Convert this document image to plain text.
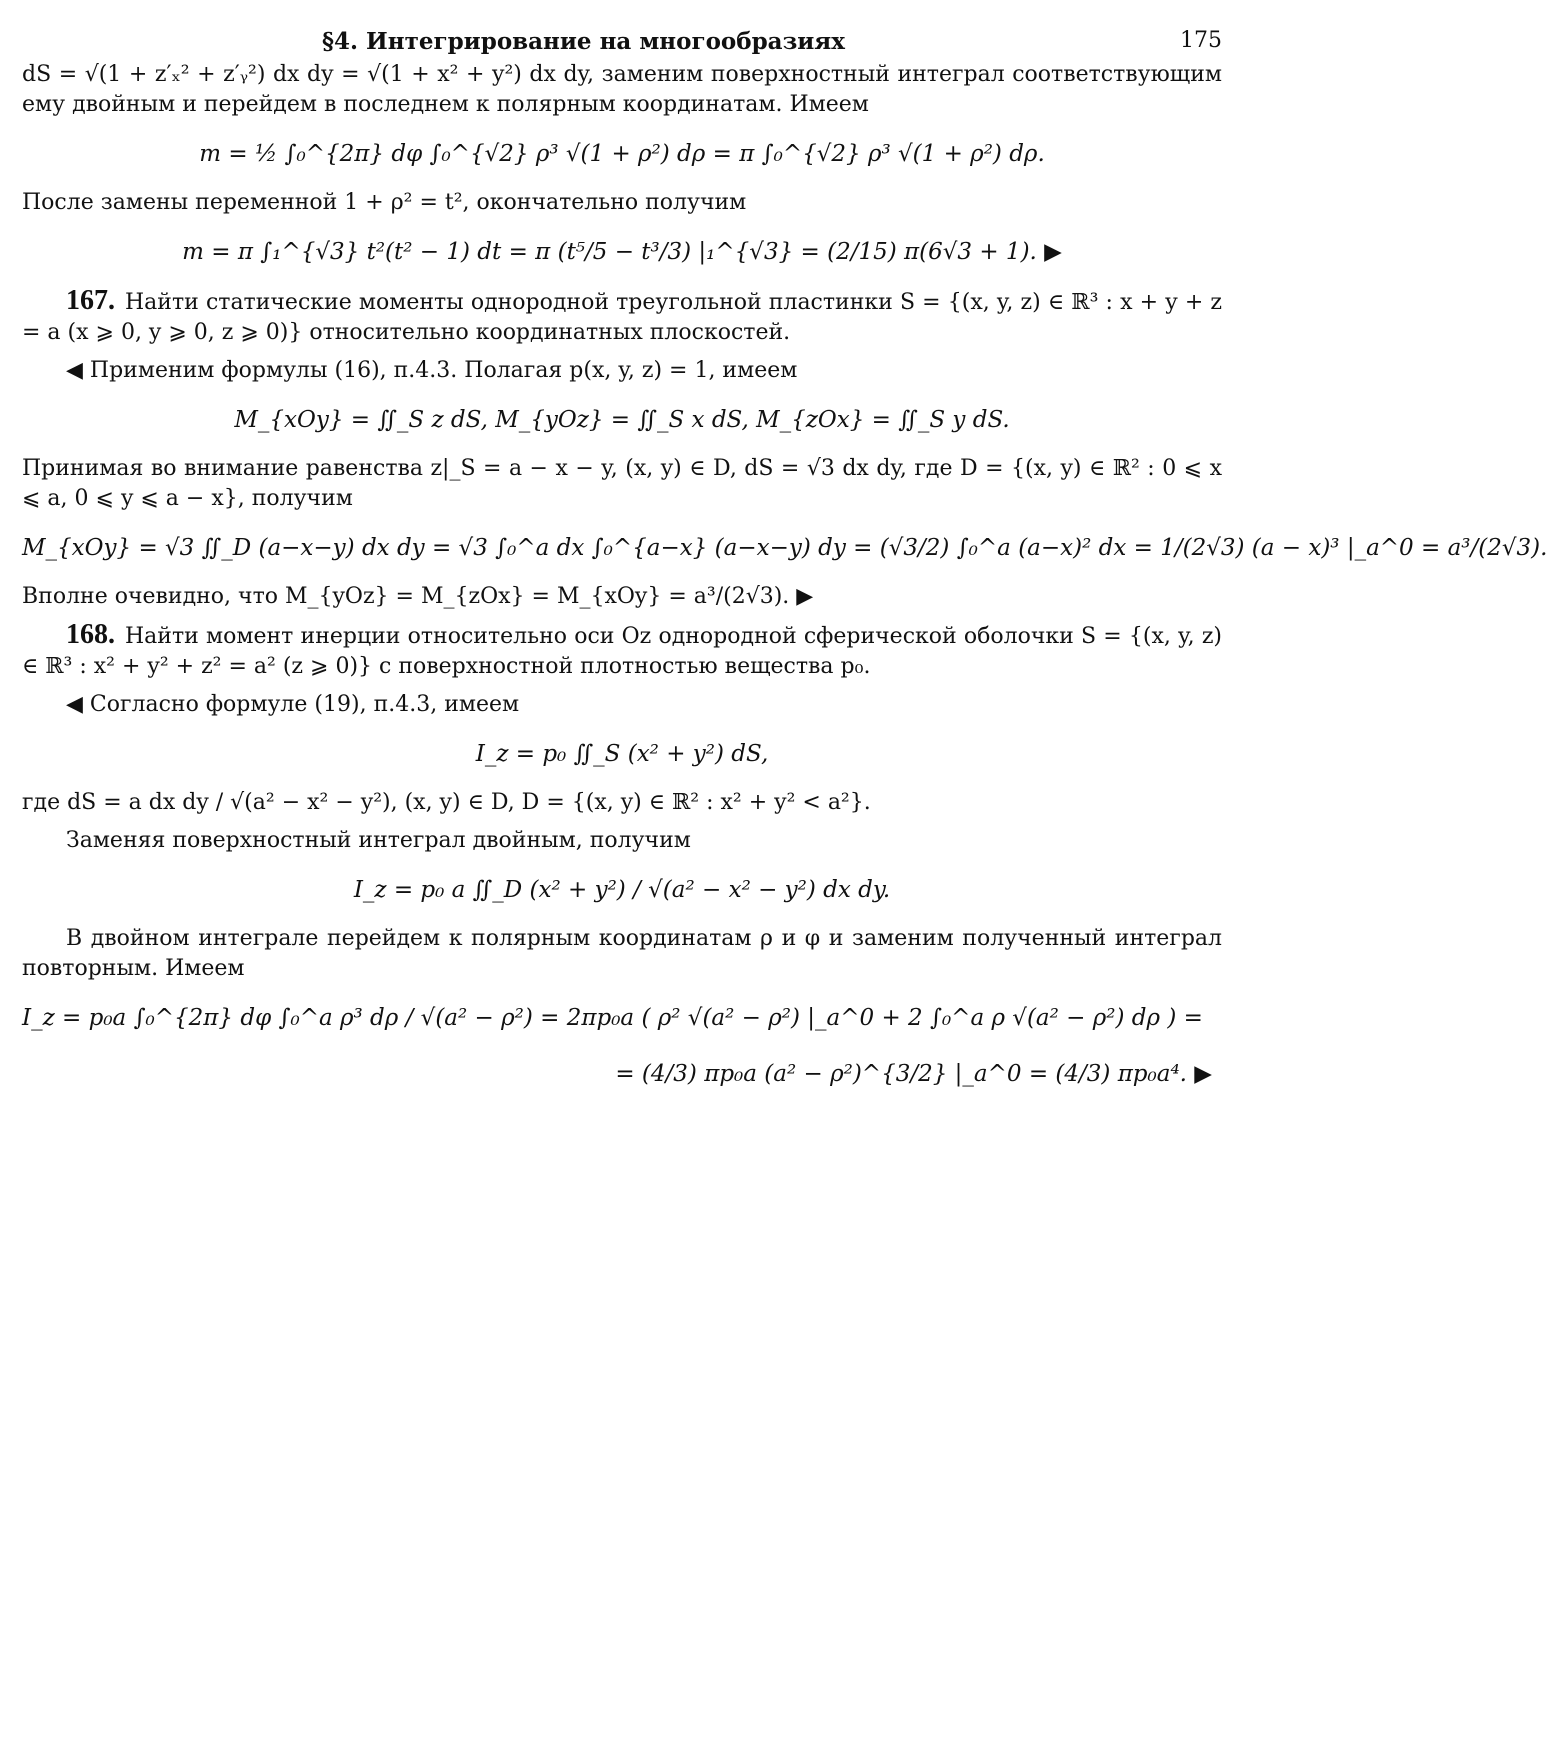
§4. Интегрирование на многообразиях	175

dS = √(1 + z′ₓ² + z′ᵧ²) dx dy = √(1 + x² + y²) dx dy, заменим поверхностный интеграл соответствующим ему двойным и перейдем в последнем к полярным координатам. Имеем

m = ½ ∫₀^{2π} dφ ∫₀^{√2} ρ³ √(1 + ρ²) dρ = π ∫₀^{√2} ρ³ √(1 + ρ²) dρ.

После замены переменной 1 + ρ² = t², окончательно получим

m = π ∫₁^{√3} t²(t² − 1) dt = π (t⁵/5 − t³/3) |₁^{√3} = (2/15) π(6√3 + 1). ▶

167. Найти статические моменты однородной треугольной пластинки S = {(x, y, z) ∈ ℝ³ : x + y + z = a (x ⩾ 0, y ⩾ 0, z ⩾ 0)} относительно координатных плоскостей.

◀ Применим формулы (16), п.4.3. Полагая p(x, y, z) = 1, имеем

M_{xOy} = ∬_S z dS, M_{yOz} = ∬_S x dS, M_{zOx} = ∬_S y dS.

Принимая во внимание равенства z|_S = a − x − y, (x, y) ∈ D, dS = √3 dx dy, где D = {(x, y) ∈ ℝ² : 0 ⩽ x ⩽ a, 0 ⩽ y ⩽ a − x}, получим

M_{xOy} = √3 ∬_D (a−x−y) dx dy = √3 ∫₀^a dx ∫₀^{a−x} (a−x−y) dy = (√3/2) ∫₀^a (a−x)² dx = 1/(2√3) (a − x)³ |_a^0 = a³/(2√3).

Вполне очевидно, что M_{yOz} = M_{zOx} = M_{xOy} = a³/(2√3). ▶

168. Найти момент инерции относительно оси Oz однородной сферической оболочки S = {(x, y, z) ∈ ℝ³ : x² + y² + z² = a² (z ⩾ 0)} с поверхностной плотностью вещества p₀.

◀ Согласно формуле (19), п.4.3, имеем

I_z = p₀ ∬_S (x² + y²) dS,

где dS = a dx dy / √(a² − x² − y²), (x, y) ∈ D, D = {(x, y) ∈ ℝ² : x² + y² < a²}.

Заменяя поверхностный интеграл двойным, получим

I_z = p₀ a ∬_D (x² + y²) / √(a² − x² − y²) dx dy.

В двойном интеграле перейдем к полярным координатам ρ и φ и заменим полученный интеграл повторным. Имеем

I_z = p₀a ∫₀^{2π} dφ ∫₀^a ρ³ dρ / √(a² − ρ²) = 2πp₀a ( ρ² √(a² − ρ²) |_a^0 + 2 ∫₀^a ρ √(a² − ρ²) dρ ) =
= (4/3) πp₀a (a² − ρ²)^{3/2} |_a^0 = (4/3) πp₀a⁴. ▶
